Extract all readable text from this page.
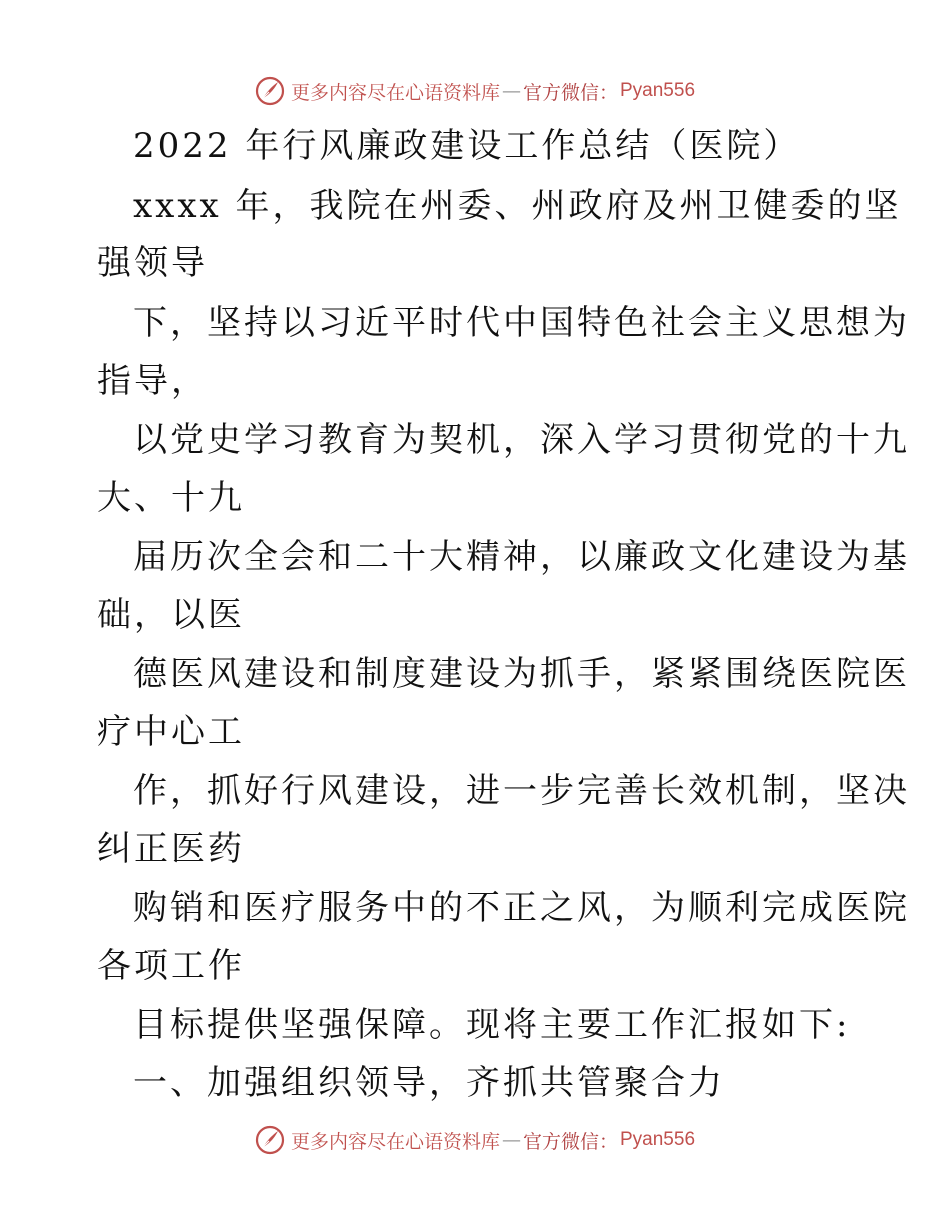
更多内容尽在心语资料库 — 官方微信： Pyan556
2022 年行风廉政建设工作总结（医院）
xxxx 年，我院在州委、州政府及州卫健委的坚
强领导
下，坚持以习近平时代中国特色社会主义思想为
指导，
以党史学习教育为契机，深入学习贯彻党的十九
大、十九
届历次全会和二十大精神，以廉政文化建设为基
础，以医
德医风建设和制度建设为抓手，紧紧围绕医院医
疗中心工
作，抓好行风建设，进一步完善长效机制，坚决
纠正医药
购销和医疗服务中的不正之风，为顺利完成医院
各项工作
目标提供坚强保障。现将主要工作汇报如下:
一、加强组织领导，齐抓共管聚合力
更多内容尽在心语资料库 — 官方微信： Pyan556
